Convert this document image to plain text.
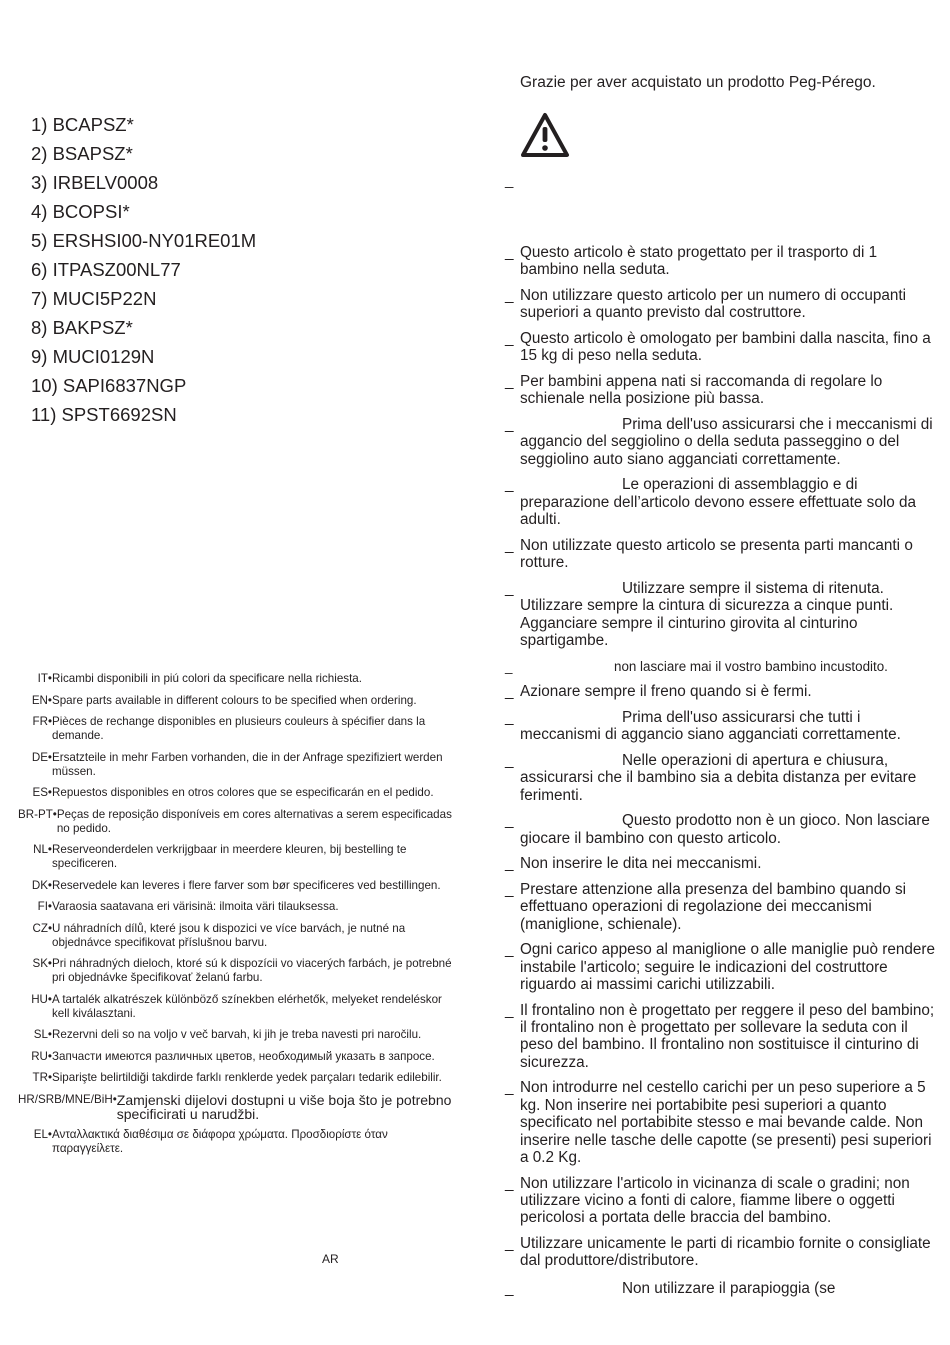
1) BCAPSZ*
2) BSAPSZ*
3) IRBELV0008
4) BCOPSI*
5) ERSHSI00-NY01RE01M
6) ITPASZ00NL77
7) MUCI5P22N
8) BAKPSZ*
9) MUCI0129N
10) SAPI6837NGP
11) SPST6692SN
IT• Ricambi disponibili in piú colori da specificare nella richiesta.
EN• Spare parts available in different colours to be specified when ordering.
FR• Pièces de rechange disponibles en plusieurs couleurs à spécifier dans la demande.
DE• Ersatzteile in mehr Farben vorhanden, die in der Anfrage spezifiziert werden müssen.
ES• Repuestos disponibles en otros colores que se especificarán en el pedido.
BR-PT• Peças de reposição disponíveis em cores alternativas a serem especificadas no pedido.
NL• Reserveonderdelen verkrijgbaar in meerdere kleuren, bij bestelling te specificeren.
DK• Reservedele kan leveres i flere farver som bør specificeres ved bestillingen.
FI• Varaosia saatavana eri värisinä: ilmoita väri tilauksessa.
CZ• U náhradních dílů, které jsou k dispozici ve více barvách, je nutné na objednávce specifikovat příslušnou barvu.
SK• Pri náhradných dieloch, ktoré sú k dispozícii vo viacerých farbách, je potrebné pri objednávke špecifikovať želanú farbu.
HU• A tartalék alkatrészek különböző színekben elérhetők, melyeket rendeléskor kell kiválasztani.
SL• Rezervni deli so na voljo v več barvah, ki jih je treba navesti pri naročilu.
RU• Запчасти имеются различных цветов, необходимый указать в запросе.
TR• Siparişte belirtildiği takdirde farklı renklerde yedek parçaları tedarik edilebilir.
HR/SRB/MNE/BiH• Zamjenski dijelovi dostupni u više boja što je potrebno specificirati u narudžbi.
EL• Ανταλλακτικά διαθέσιμα σε διάφορα χρώματα. Προσδιορίστε όταν παραγγείλετε.
AR
Grazie per aver acquistato un prodotto Peg-Pérego.
_
_ Questo articolo è stato progettato per il trasporto di 1 bambino nella seduta.
_ Non utilizzare questo articolo per un numero di occupanti superiori a quanto previsto dal costruttore.
_ Questo articolo è omologato per bambini dalla nascita, fino a 15 kg di peso nella seduta.
_ Per bambini appena nati si raccomanda di regolare lo schienale nella posizione più bassa.
_ Prima dell'uso assicurarsi che i meccanismi di aggancio del seggiolino o della seduta passeggino o del seggiolino auto siano agganciati correttamente.
_ Le operazioni di assemblaggio e di preparazione dell’articolo devono essere effettuate solo da adulti.
_ Non utilizzate questo articolo se presenta parti mancanti o rotture.
_ Utilizzare sempre il sistema di ritenuta. Utilizzare sempre la cintura di sicurezza a cinque punti. Agganciare sempre il cinturino girovita al cinturino spartigambe.
_ non lasciare mai il vostro bambino incustodito.
_ Azionare sempre il freno quando si è fermi.
_ Prima dell'uso assicurarsi che tutti i meccanismi di aggancio siano agganciati correttamente.
_ Nelle operazioni di apertura e chiusura, assicurarsi che il bambino sia a debita distanza per evitare ferimenti.
_ Questo prodotto non è un gioco. Non lasciare giocare il bambino con questo articolo.
_ Non inserire le dita nei meccanismi.
_ Prestare attenzione alla presenza del bambino quando si effettuano operazioni di regolazione dei meccanismi (maniglione, schienale).
_ Ogni carico appeso al maniglione o alle maniglie può rendere instabile l'articolo; seguire le indicazioni del costruttore riguardo ai massimi carichi utilizzabili.
_ Il frontalino non è progettato per reggere il peso del bambino; il frontalino non è progettato per sollevare la seduta con il peso del bambino. Il frontalino non sostituisce il cinturino di sicurezza.
_ Non introdurre nel cestello carichi per un peso superiore a 5 kg. Non inserire nei portabibite pesi superiori a quanto specificato nel portabibite stesso e mai bevande calde. Non inserire nelle tasche delle capotte (se presenti) pesi superiori a 0.2 Kg.
_ Non utilizzare l'articolo in vicinanza di scale o gradini; non utilizzare vicino a fonti di calore, fiamme libere o oggetti pericolosi a portata delle braccia del bambino.
_ Utilizzare unicamente le parti di ricambio fornite o consigliate dal produttore/distributore.
_ Non utilizzare il parapioggia (se
